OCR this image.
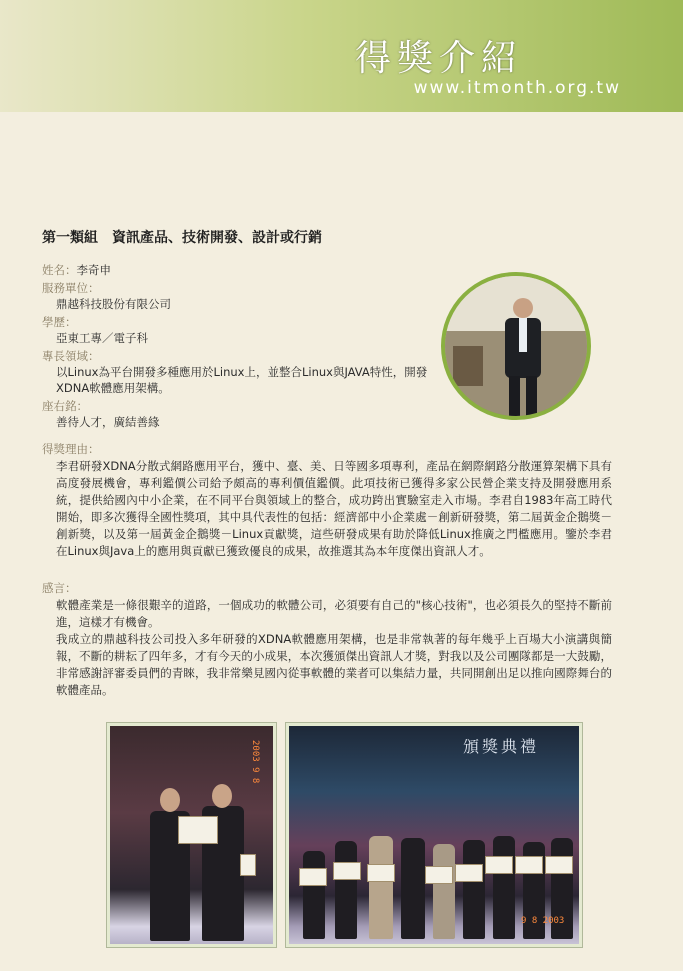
得獎介紹
www.itmonth.org.tw
第一類組　資訊產品、技術開發、設計或行銷
姓名：李奇申
服務單位：
鼎越科技股份有限公司
學歷：
亞東工專／電子科
專長領域：
以Linux為平台開發多種應用於Linux上，並整合Linux與JAVA特性，開發XDNA軟體應用架構。
座右銘：
善待人才，廣結善緣
得獎理由：
李君研發XDNA分散式網路應用平台，獲中、臺、美、日等國多項專利，產品在網際網路分散運算架構下具有高度發展機會，專利鑑價公司給予頗高的專利價值鑑價。此項技術已獲得多家公民營企業支持及開發應用系統，提供給國內中小企業，在不同平台與領域上的整合，成功跨出實驗室走入市場。李君自1983年高工時代開始，即多次獲得全國性獎項，其中具代表性的包括：經濟部中小企業處－創新研發獎，第二屆黃金企鵝獎－創新獎，以及第一屆黃金企鵝獎－Linux貢獻獎，這些研發成果有助於降低Linux推廣之門檻應用。鑒於李君在Linux與Java上的應用與貢獻已獲致優良的成果，故推選其為本年度傑出資訊人才。
感言：
軟體產業是一條很艱辛的道路，一個成功的軟體公司，必須要有自己的"核心技術"，也必須長久的堅持不斷前進，這樣才有機會。
我成立的鼎越科技公司投入多年研發的XDNA軟體應用架構，也是非常執著的每年幾乎上百場大小演講與簡報，不斷的耕耘了四年多，才有今天的小成果，本次獲頒傑出資訊人才獎，對我以及公司團隊都是一大鼓勵，非常感謝評審委員們的青睞，我非常樂見國內從事軟體的業者可以集結力量，共同開創出足以推向國際舞台的軟體產品。
2003 9 8	頒獎典禮
9 8 2003
